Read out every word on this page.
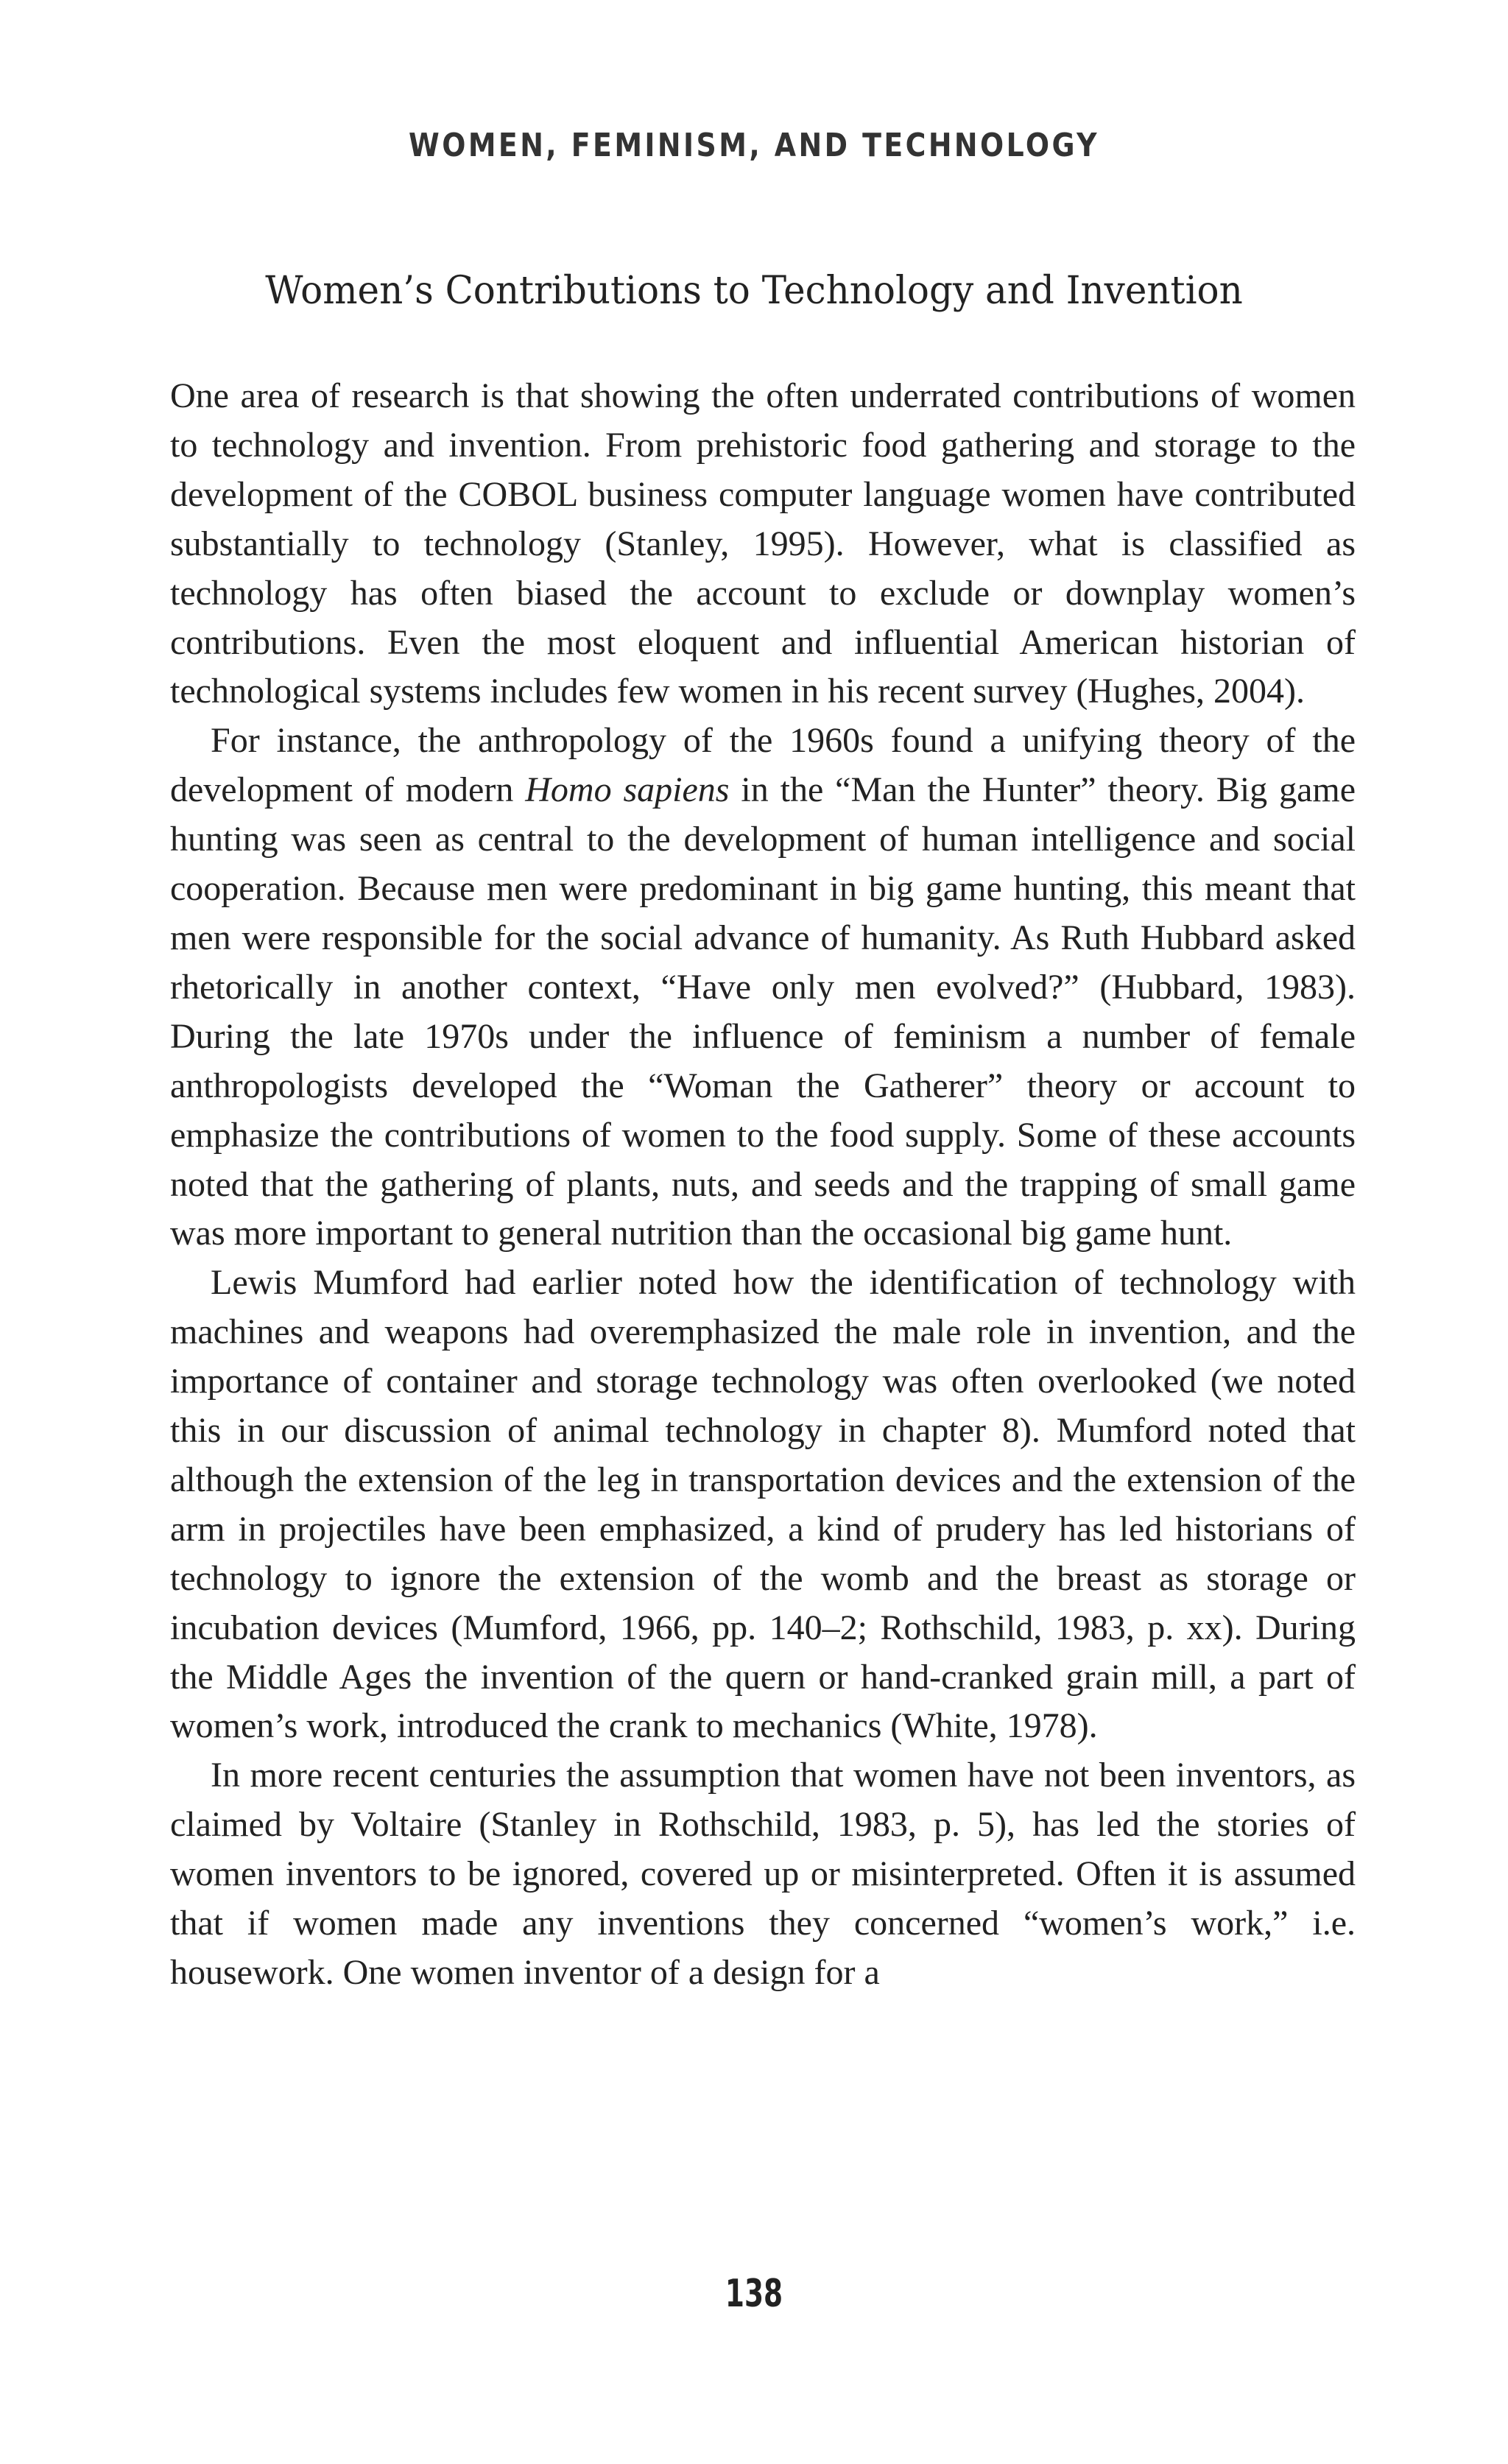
WOMEN, FEMINISM, AND TECHNOLOGY
Women’s Contributions to Technology and Invention

One area of research is that showing the often underrated contributions of women to technology and invention. From prehistoric food gathering and storage to the development of the COBOL business computer language women have contributed substantially to technology (Stanley, 1995). However, what is classified as technology has often biased the account to exclude or downplay women’s contributions. Even the most eloquent and influential American historian of technological systems includes few women in his recent survey (Hughes, 2004).

For instance, the anthropology of the 1960s found a unifying theory of the development of modern Homo sapiens in the “Man the Hunter” theory. Big game hunting was seen as central to the development of human intelligence and social cooperation. Because men were predominant in big game hunting, this meant that men were responsible for the social advance of humanity. As Ruth Hubbard asked rhetorically in another context, “Have only men evolved?” (Hubbard, 1983). During the late 1970s under the influence of feminism a number of female anthropologists developed the “Woman the Gatherer” theory or account to emphasize the contributions of women to the food supply. Some of these accounts noted that the gathering of plants, nuts, and seeds and the trapping of small game was more important to general nutrition than the occasional big game hunt.

Lewis Mumford had earlier noted how the identification of technology with machines and weapons had overemphasized the male role in invention, and the importance of container and storage technology was often overlooked (we noted this in our discussion of animal technology in chapter 8). Mumford noted that although the extension of the leg in transportation devices and the extension of the arm in projectiles have been emphasized, a kind of prudery has led historians of technology to ignore the extension of the womb and the breast as storage or incubation devices (Mumford, 1966, pp. 140–2; Rothschild, 1983, p. xx). During the Middle Ages the invention of the quern or hand-cranked grain mill, a part of women’s work, introduced the crank to mechanics (White, 1978).

In more recent centuries the assumption that women have not been inventors, as claimed by Voltaire (Stanley in Rothschild, 1983, p. 5), has led the stories of women inventors to be ignored, covered up or misinterpreted. Often it is assumed that if women made any inventions they concerned “women’s work,” i.e. housework. One women inventor of a design for a

138
